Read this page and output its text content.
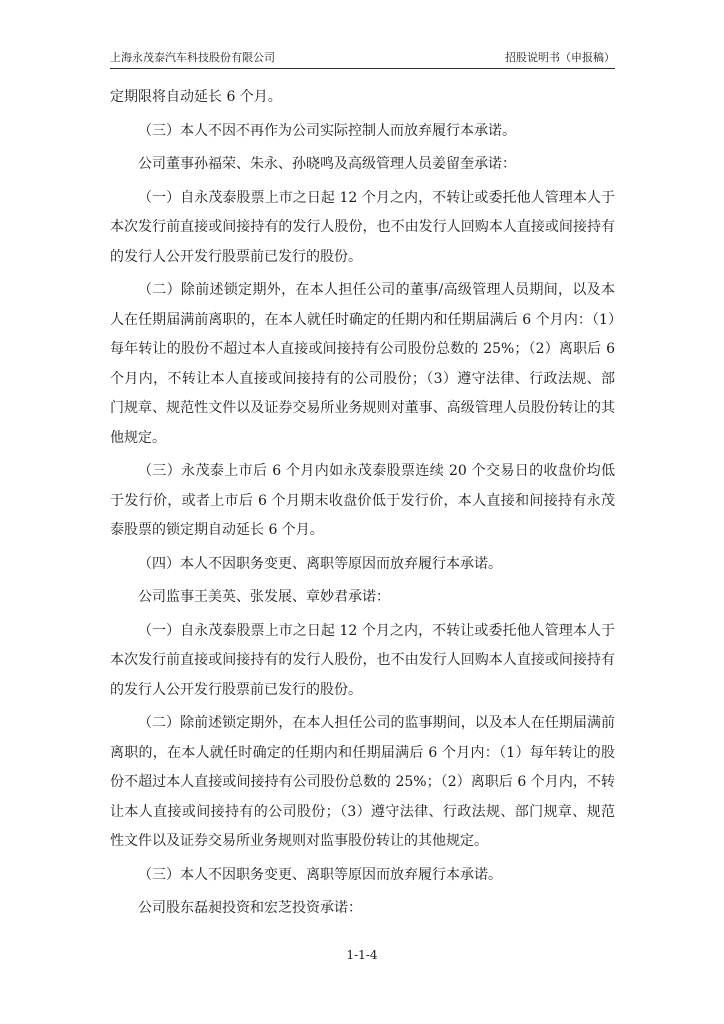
上海永茂泰汽车科技股份有限公司	招股说明书（申报稿）

定期限将自动延长 6 个月。

（三）本人不因不再作为公司实际控制人而放弃履行本承诺。

公司董事孙福荣、朱永、孙晓鸣及高级管理人员姜留奎承诺：

（一）自永茂泰股票上市之日起 12 个月之内，不转让或委托他人管理本人于本次发行前直接或间接持有的发行人股份，也不由发行人回购本人直接或间接持有的发行人公开发行股票前已发行的股份。

（二）除前述锁定期外，在本人担任公司的董事/高级管理人员期间，以及本人在任期届满前离职的，在本人就任时确定的任期内和任期届满后 6 个月内：（1）每年转让的股份不超过本人直接或间接持有公司股份总数的 25%；（2）离职后 6 个月内，不转让本人直接或间接持有的公司股份；（3）遵守法律、行政法规、部门规章、规范性文件以及证券交易所业务规则对董事、高级管理人员股份转让的其他规定。

（三）永茂泰上市后 6 个月内如永茂泰股票连续 20 个交易日的收盘价均低于发行价，或者上市后 6 个月期末收盘价低于发行价，本人直接和间接持有永茂泰股票的锁定期自动延长 6 个月。

（四）本人不因职务变更、离职等原因而放弃履行本承诺。

公司监事王美英、张发展、章妙君承诺：

（一）自永茂泰股票上市之日起 12 个月之内，不转让或委托他人管理本人于本次发行前直接或间接持有的发行人股份，也不由发行人回购本人直接或间接持有的发行人公开发行股票前已发行的股份。

（二）除前述锁定期外，在本人担任公司的监事期间，以及本人在任期届满前离职的，在本人就任时确定的任期内和任期届满后 6 个月内：（1）每年转让的股份不超过本人直接或间接持有公司股份总数的 25%；（2）离职后 6 个月内，不转让本人直接或间接持有的公司股份；（3）遵守法律、行政法规、部门规章、规范性文件以及证券交易所业务规则对监事股份转让的其他规定。

（三）本人不因职务变更、离职等原因而放弃履行本承诺。

公司股东磊昶投资和宏芝投资承诺：

1-1-4
